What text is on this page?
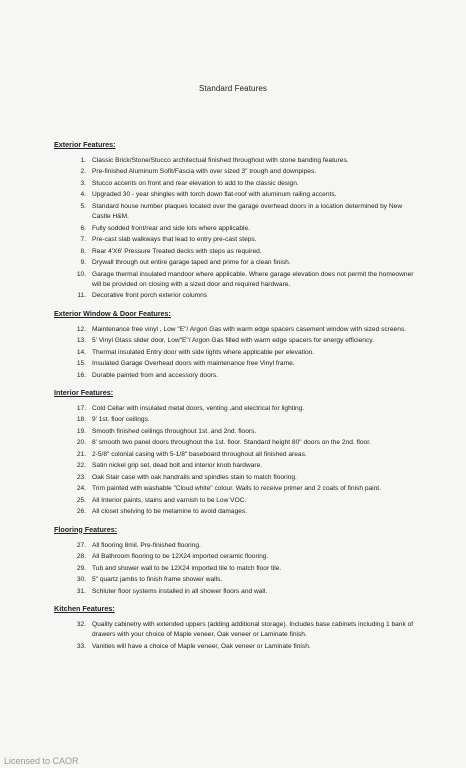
Standard Features
Exterior Features:
1. Classic Brick/Stone/Stucco architectual finished throughout with stone banding features.
2. Pre-finished Aluminum Sofit/Fascia with over sized 3" trough and downpipes.
3. Stucco accents on front and rear elevation to add to the classic design.
4. Upgraded 30 - year shingles with torch down flat-roof with aluminum railing accents.
5. Standard house number plaques located over the garage overhead doors in a location determined by New Castle H&M.
6. Fully sodded front/rear and side lots where applicable.
7. Pre-cast slab walkways that lead to entry pre-cast steps.
8. Rear 4'X6' Pressure Treated decks with steps as required.
9. Drywall through out entire garage taped and prime for a clean finish.
10. Garage thermal insulated mandoor where applicable. Where garage elevation does not permit the homeowner will be provided on closing with a sized door and required hardware.
11. Decorative front porch exterior columns
Exterior Window & Door Features:
12. Maintenance free vinyl , Low "E"/ Argon Gas with warm edge spacers casement window with sized screens.
13. 5' Vinyl Glass slider door, Low"E"/ Argon Gas filled with warm edge spacers for energy efficiency.
14. Thermal insulated Entry door with side lights where applicable per elevation.
15. Insulated Garage Overhead doors with maintenance free Vinyl frame.
16. Durable painted from and accessory doors.
Interior Features:
17. Cold Cellar with insulated metal doors, venting ,and electrical for lighting.
18. 9' 1st. floor ceilings.
19. Smooth finished ceilings throughout 1st. and 2nd. floors.
20. 8' smooth two panel doors throughout the 1st. floor. Standard height 80" doors on the 2nd. floor.
21. 2-5/8" colonial casing with 5-1/8" baseboard throughout all finished areas.
22. Satin nickel grip set, dead bolt and interior knob hardware.
23. Oak Stair case with oak handrails and spindles stain to match flooring.
24. Trim painted with washable "Cloud white" colour. Walls to receive primer and 2 coats of finish paint.
25. All Interior paints, stains and varnish to be Low VOC.
26. All closet shelving to be melamine to avoid damages.
Flooring Features:
27. All flooring 8mil. Pre-finished flooring.
28. All Bathroom flooring to be 12X24 imported ceramic flooring.
29. Tub and shower wall to be 12X24 imported tile to match floor tile.
30. 5" quartz jambs to finish frame shower walls.
31. Schluter floor systems installed in all shower floors and wall.
Kitchen Features:
32. Quality cabinetry with extended uppers (adding additional storage). Includes base cabinets including 1 bank of drawers with your choice of Maple veneer, Oak veneer or Laminate finish.
33. Vanities will have a choice of Maple veneer, Oak veneer or Laminate finish.
Licensed to CAOR
